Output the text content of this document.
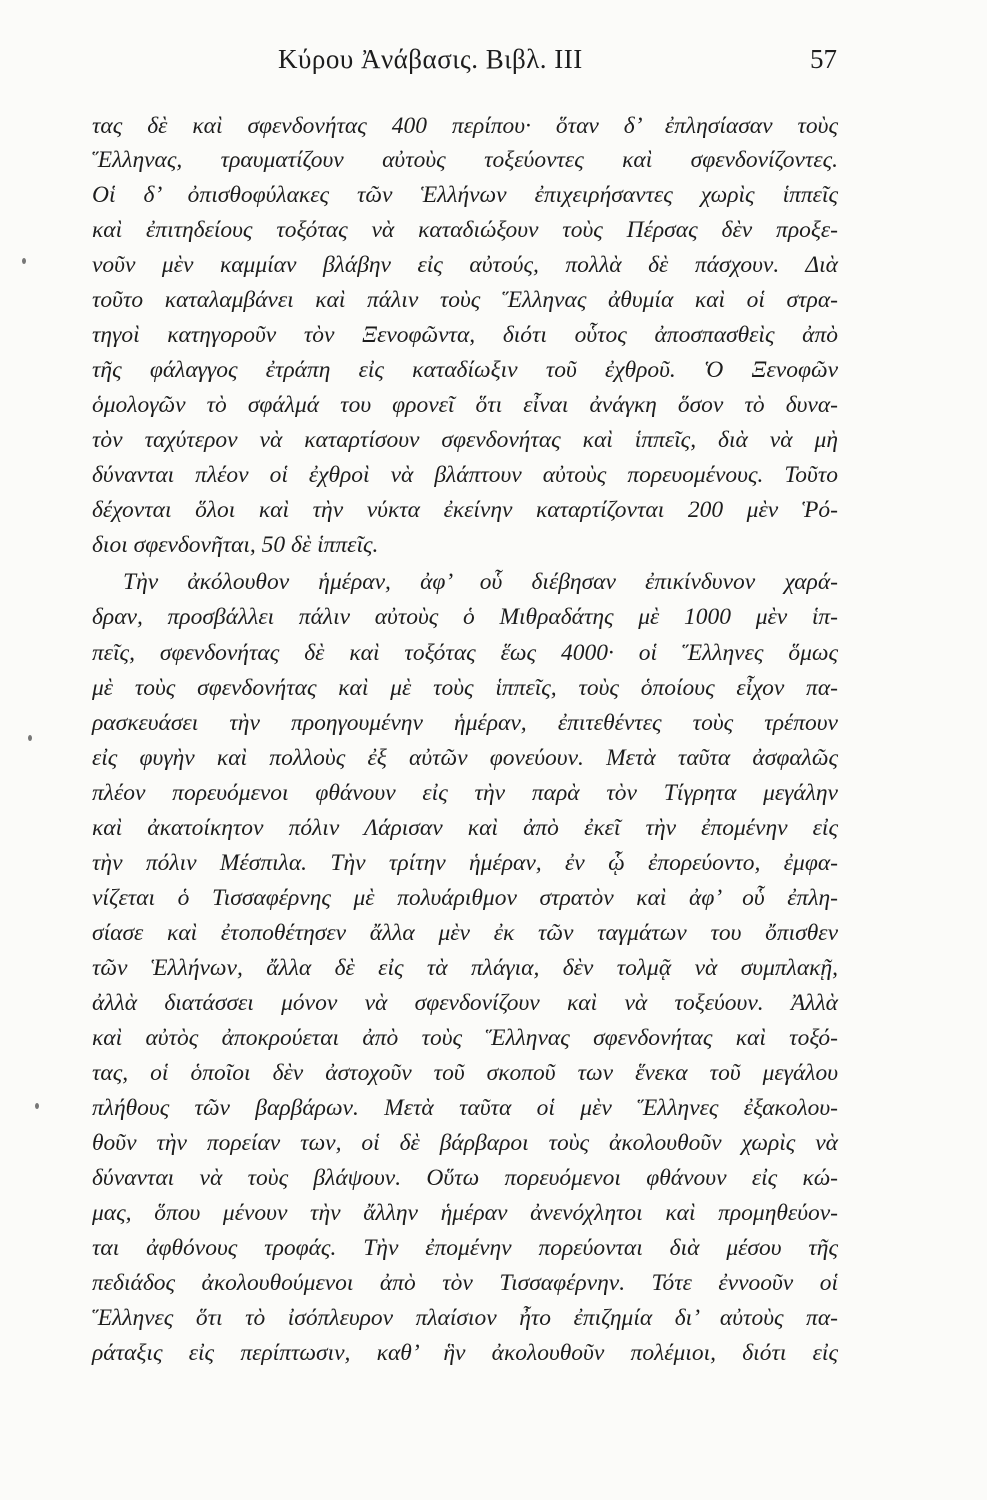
Κύρου Ἀνάβασις. Βιβλ. III	57
τας δὲ καὶ σφενδονήτας 400 περίπου· ὅταν δ’ ἐπλησίασαν τοὺς
Ἕλληνας, τραυματίζουν αὐτοὺς τοξεύοντες καὶ σφενδονίζοντες.
Οἱ δ’ ὀπισθοφύλακες τῶν Ἑλλήνων ἐπιχειρήσαντες χωρὶς ἱππεῖς
καὶ ἐπιτηδείους τοξότας νὰ καταδιώξουν τοὺς Πέρσας δὲν προξε-
νοῦν μὲν καμμίαν βλάβην εἰς αὐτούς, πολλὰ δὲ πάσχουν. Διὰ
τοῦτο καταλαμβάνει καὶ πάλιν τοὺς Ἕλληνας ἀθυμία καὶ οἱ στρα-
τηγοὶ κατηγοροῦν τὸν Ξενοφῶντα, διότι οὗτος ἀποσπασθεὶς ἀπὸ
τῆς φάλαγγος ἐτράπη εἰς καταδίωξιν τοῦ ἐχθροῦ. Ὁ Ξενοφῶν
ὁμολογῶν τὸ σφάλμά του φρονεῖ ὅτι εἶναι ἀνάγκη ὅσον τὸ δυνα-
τὸν ταχύτερον νὰ καταρτίσουν σφενδονήτας καὶ ἱππεῖς, διὰ νὰ μὴ
δύνανται πλέον οἱ ἐχθροὶ νὰ βλάπτουν αὐτοὺς πορευομένους. Τοῦτο
δέχονται ὅλοι καὶ τὴν νύκτα ἐκείνην καταρτίζονται 200 μὲν Ῥό-
διοι σφενδονῆται, 50 δὲ ἱππεῖς.
Τὴν ἀκόλουθον ἡμέραν, ἀφ’ οὗ διέβησαν ἐπικίνδυνον χαρά-
δραν, προσβάλλει πάλιν αὐτοὺς ὁ Μιθραδάτης μὲ 1000 μὲν ἱπ-
πεῖς, σφενδονήτας δὲ καὶ τοξότας ἕως 4000· οἱ Ἕλληνες ὅμως
μὲ τοὺς σφενδονήτας καὶ μὲ τοὺς ἱππεῖς, τοὺς ὁποίους εἶχον πα-
ρασκευάσει τὴν προηγουμένην ἡμέραν, ἐπιτεθέντες τοὺς τρέπουν
εἰς φυγὴν καὶ πολλοὺς ἐξ αὐτῶν φονεύουν. Μετὰ ταῦτα ἀσφαλῶς
πλέον πορευόμενοι φθάνουν εἰς τὴν παρὰ τὸν Τίγρητα μεγάλην
καὶ ἀκατοίκητον πόλιν Λάρισαν καὶ ἀπὸ ἐκεῖ τὴν ἐπομένην εἰς
τὴν πόλιν Μέσπιλα. Τὴν τρίτην ἡμέραν, ἐν ᾧ ἐπορεύοντο, ἐμφα-
νίζεται ὁ Τισσαφέρνης μὲ πολυάριθμον στρατὸν καὶ ἀφ’ οὗ ἐπλη-
σίασε καὶ ἐτοποθέτησεν ἄλλα μὲν ἐκ τῶν ταγμάτων του ὄπισθεν
τῶν Ἑλλήνων, ἄλλα δὲ εἰς τὰ πλάγια, δὲν τολμᾷ νὰ συμπλακῇ,
ἀλλὰ διατάσσει μόνον νὰ σφενδονίζουν καὶ νὰ τοξεύουν. Ἀλλὰ
καὶ αὐτὸς ἀποκρούεται ἀπὸ τοὺς Ἕλληνας σφενδονήτας καὶ τοξό-
τας, οἱ ὁποῖοι δὲν ἀστοχοῦν τοῦ σκοποῦ των ἕνεκα τοῦ μεγάλου
πλήθους τῶν βαρβάρων. Μετὰ ταῦτα οἱ μὲν Ἕλληνες ἐξακολου-
θοῦν τὴν πορείαν των, οἱ δὲ βάρβαροι τοὺς ἀκολουθοῦν χωρὶς νὰ
δύνανται νὰ τοὺς βλάψουν. Οὕτω πορευόμενοι φθάνουν εἰς κώ-
μας, ὅπου μένουν τὴν ἄλλην ἡμέραν ἀνενόχλητοι καὶ προμηθεύον-
ται ἀφθόνους τροφάς. Τὴν ἐπομένην πορεύονται διὰ μέσου τῆς
πεδιάδος ἀκολουθούμενοι ἀπὸ τὸν Τισσαφέρνην. Τότε ἐννοοῦν οἱ
Ἕλληνες ὅτι τὸ ἰσόπλευρον πλαίσιον ἦτο ἐπιζημία δι’ αὐτοὺς πα-
ράταξις εἰς περίπτωσιν, καθ’ ἣν ἀκολουθοῦν πολέμιοι, διότι εἰς
